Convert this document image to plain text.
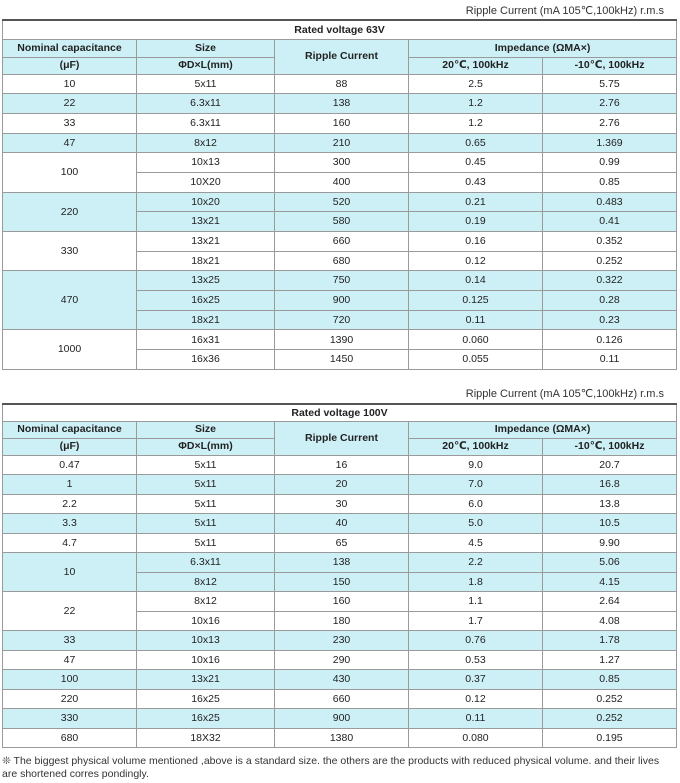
Ripple Current (mA 105℃,100kHz) r.m.s
Rated voltage 63V				
Nominal capacitance	Size	Ripple Current	Impedance (ΩMA×)	
(μF)	ΦD×L(mm)		20℃, 100kHz	-10℃, 100kHz
10	5x11	88	2.5	5.75
22	6.3x11	138	1.2	2.76
33	6.3x11	160	1.2	2.76
47	8x12	210	0.65	1.369
100	10x13	300	0.45	0.99
	10X20	400	0.43	0.85
220	10x20	520	0.21	0.483
	13x21	580	0.19	0.41
330	13x21	660	0.16	0.352
	18x21	680	0.12	0.252
470	13x25	750	0.14	0.322
	16x25	900	0.125	0.28
	18x21	720	0.11	0.23
1000	16x31	1390	0.060	0.126
	16x36	1450	0.055	0.11
Ripple Current (mA 105℃,100kHz) r.m.s
Rated voltage 100V				
Nominal capacitance	Size	Ripple Current	Impedance (ΩMA×)	
(μF)	ΦD×L(mm)		20℃, 100kHz	-10℃, 100kHz
0.47	5x11	16	9.0	20.7
1	5x11	20	7.0	16.8
2.2	5x11	30	6.0	13.8
3.3	5x11	40	5.0	10.5
4.7	5x11	65	4.5	9.90
10	6.3x11	138	2.2	5.06
	8x12	150	1.8	4.15
22	8x12	160	1.1	2.64
	10x16	180	1.7	4.08
33	10x13	230	0.76	1.78
47	10x16	290	0.53	1.27
100	13x21	430	0.37	0.85
220	16x25	660	0.12	0.252
330	16x25	900	0.11	0.252
680	18X32	1380	0.080	0.195
❊ The biggest physical volume mentioned ,above is a standard size. the others are the products with reduced physical volume. and their lives are shortened corres pondingly.
